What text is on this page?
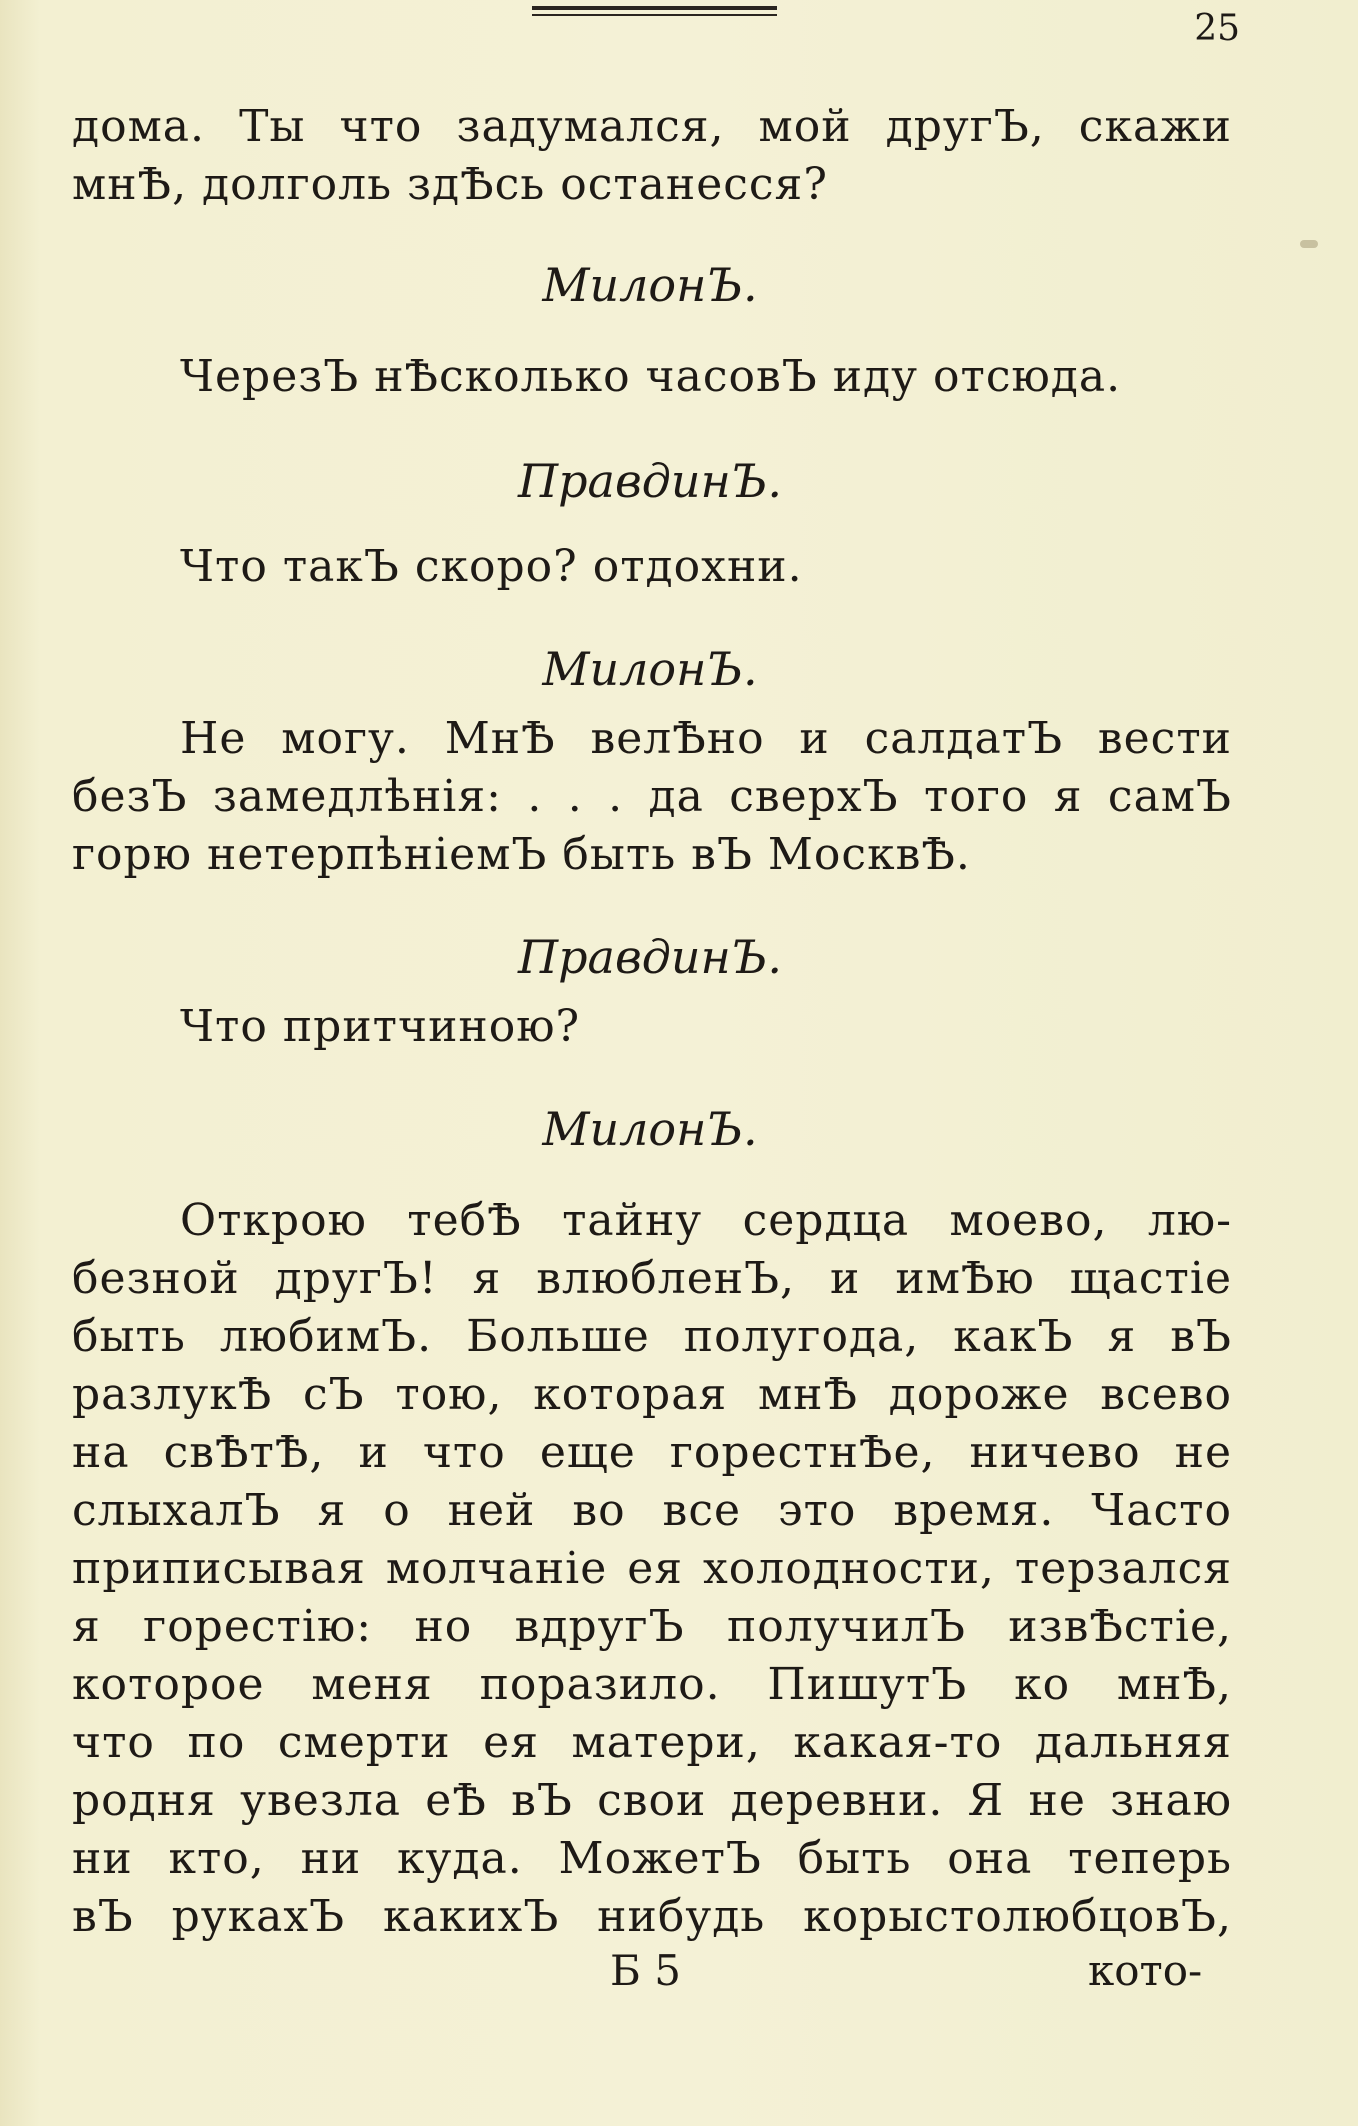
25
дома. Ты что задумался, мой другЪ, скажи
мнѢ, долголь здѢсь останесся?
МилонЪ.
ЧерезЪ нѢсколько часовЪ иду отсюда.
ПравдинЪ.
Что такЪ скоро? отдохни.
МилонЪ.
Не могу. МнѢ велѢно и салдатЪ вести
безЪ замедлѣнія: . . . да сверхЪ того я самЪ
горю нетерпѣніемЪ быть вЪ МосквѢ.
ПравдинЪ.
Что притчиною?
МилонЪ.
Открою тебѢ тайну сердца моево, лю-
безной другЪ! я влюбленЪ, и имѢю щастіе
быть любимЪ. Больше полугода, какЪ я вЪ
разлукѢ сЪ тою, которая мнѢ дороже всево
на свѢтѢ, и что еще горестнѢе, ничево не
слыхалЪ я о ней во все это время. Часто
приписывая молчаніе ея холодности, терзался
я горестію: но вдругЪ получилЪ извѢстіе,
которое меня поразило. ПишутЪ ко мнѢ,
что по смерти ея матери, какая-то дальняя
родня увезла еѢ вЪ свои деревни. Я не знаю
ни кто, ни куда. МожетЪ быть она теперь
вЪ рукахЪ какихЪ нибудь корыстолюбцовЪ,
Б 5	кото-
